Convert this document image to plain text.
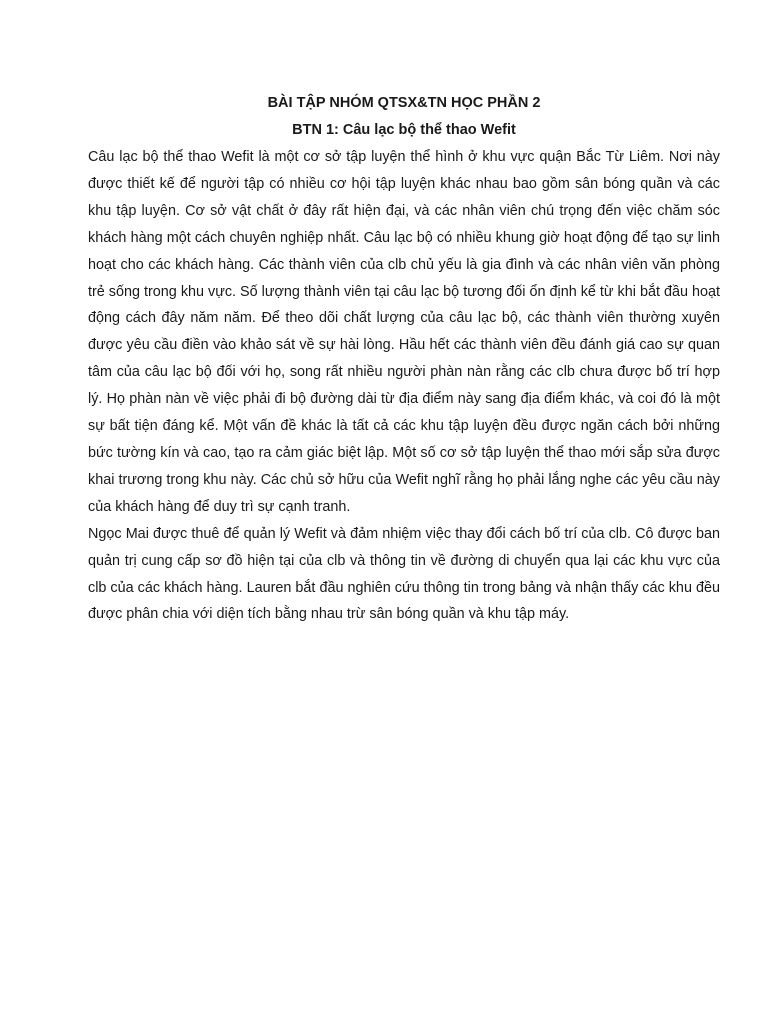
BÀI TẬP NHÓM QTSX&TN HỌC PHẦN 2
BTN 1: Câu lạc bộ thể thao Wefit

Câu lạc bộ thể thao Wefit là một cơ sở tập luyện thể hình ở khu vực quận Bắc Từ Liêm. Nơi này được thiết kế để người tập có nhiều cơ hội tập luyện khác nhau bao gồm sân bóng quần và các khu tập luyện. Cơ sở vật chất ở đây rất hiện đại, và các nhân viên chú trọng đến việc chăm sóc khách hàng một cách chuyên nghiệp nhất. Câu lạc bộ có nhiều khung giờ hoạt động để tạo sự linh hoạt cho các khách hàng. Các thành viên của clb chủ yếu là gia đình và các nhân viên văn phòng trẻ sống trong khu vực. Số lượng thành viên tại câu lạc bộ tương đối ổn định kể từ khi bắt đầu hoạt động cách đây năm năm. Để theo dõi chất lượng của câu lạc bộ, các thành viên thường xuyên được yêu cầu điền vào khảo sát về sự hài lòng. Hầu hết các thành viên đều đánh giá cao sự quan tâm của câu lạc bộ đối với họ, song rất nhiều người phàn nàn rằng các clb chưa được bố trí hợp lý. Họ phàn nàn về việc phải đi bộ đường dài từ địa điểm này sang địa điểm khác, và coi đó là một sự bất tiện đáng kể. Một vấn đề khác là tất cả các khu tập luyện đều được ngăn cách bởi những bức tường kín và cao, tạo ra cảm giác biệt lập. Một số cơ sở tập luyện thể thao mới sắp sửa được khai trương trong khu này. Các chủ sở hữu của Wefit nghĩ rằng họ phải lắng nghe các yêu cầu này của khách hàng để duy trì sự cạnh tranh.

Ngọc Mai được thuê để quản lý Wefit và đảm nhiệm việc thay đổi cách bố trí của clb. Cô được ban quản trị cung cấp sơ đồ hiện tại của clb và thông tin về đường di chuyển qua lại các khu vực của clb của các khách hàng. Lauren bắt đầu nghiên cứu thông tin trong bảng và nhận thấy các khu đều được phân chia với diện tích bằng nhau trừ sân bóng quần và khu tập máy.
